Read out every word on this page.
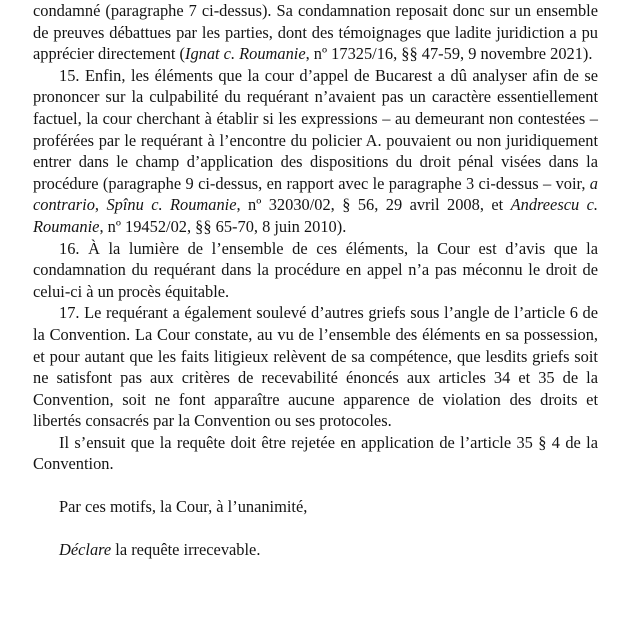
condamné (paragraphe 7 ci-dessus). Sa condamnation reposait donc sur un ensemble de preuves débattues par les parties, dont des témoignages que ladite juridiction a pu apprécier directement (Ignat c. Roumanie, nº 17325/16, §§ 47-59, 9 novembre 2021).

15. Enfin, les éléments que la cour d’appel de Bucarest a dû analyser afin de se prononcer sur la culpabilité du requérant n’avaient pas un caractère essentiellement factuel, la cour cherchant à établir si les expressions – au demeurant non contestées – proférées par le requérant à l’encontre du policier A. pouvaient ou non juridiquement entrer dans le champ d’application des dispositions du droit pénal visées dans la procédure (paragraphe 9 ci-dessus, en rapport avec le paragraphe 3 ci-dessus – voir, a contrario, Spînu c. Roumanie, nº 32030/02, § 56, 29 avril 2008, et Andreescu c. Roumanie, nº 19452/02, §§ 65-70, 8 juin 2010).

16. À la lumière de l’ensemble de ces éléments, la Cour est d’avis que la condamnation du requérant dans la procédure en appel n’a pas méconnu le droit de celui-ci à un procès équitable.

17. Le requérant a également soulevé d’autres griefs sous l’angle de l’article 6 de la Convention. La Cour constate, au vu de l’ensemble des éléments en sa possession, et pour autant que les faits litigieux relèvent de sa compétence, que lesdits griefs soit ne satisfont pas aux critères de recevabilité énoncés aux articles 34 et 35 de la Convention, soit ne font apparaître aucune apparence de violation des droits et libertés consacrés par la Convention ou ses protocoles.

Il s’ensuit que la requête doit être rejetée en application de l’article 35 § 4 de la Convention.

Par ces motifs, la Cour, à l’unanimité,

Déclare la requête irrecevable.
